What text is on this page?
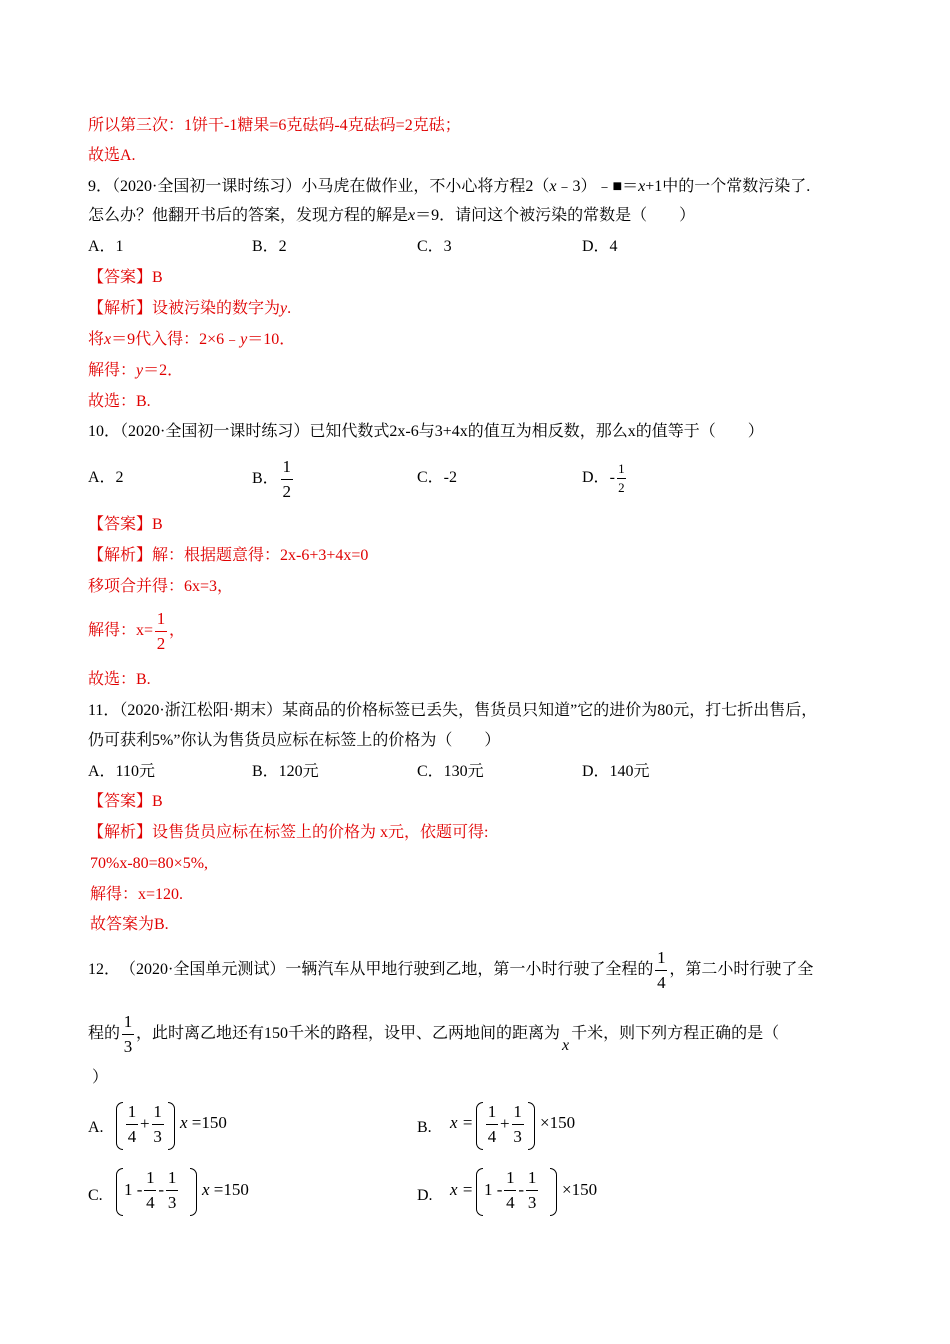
所以第三次：1饼干-1糖果=6克砝码-4克砝码=2克砝；
故选A.
9．（2020·全国初一课时练习）小马虎在做作业，不小心将方程2（x﹣3）﹣■＝x+1中的一个常数污染了.
怎么办？他翻开书后的答案，发现方程的解是x＝9．请问这个被污染的常数是（　　）
A．1	B．2	C．3	D．4
【答案】B
【解析】设被污染的数字为y.
将x＝9代入得：2×6﹣y＝10．
解得：y＝2．
故选：B.
10．（2020·全国初一课时练习）已知代数式2x-6与3+4x的值互为相反数，那么x的值等于（　　）
A．2	B． $\frac{1}{2}$	C．-2	D． - $\frac{1}{2}$
【答案】B
【解析】解：根据题意得：2x-6+3+4x=0
移项合并得：6x=3，
解得：$x= \frac{1}{2}$ ，
故选：B.
11．（2020·浙江松阳·期末）某商品的价格标签已丢失，售货员只知道”它的进价为80元，打七折出售后，
仍可获利5%”你认为售货员应标在标签上的价格为（　　）
A．110元	B．120元	C．130元	D．140元
【答案】B
【解析】设售货员应标在标签上的价格为 x元，依题可得:
70%x-80=80×5%,
解得：x=120.
故答案为B.
12． （2020·全国单元测试） 一辆汽车从甲地行驶到乙地，第一小时行驶了全程的 $\frac{1}{4}$ ，第二小时行驶了全
程的 $\frac{1}{3}$ ，此时离乙地还有150千米的路程，设甲、乙两地间的距离为
x
千米，则下列方程正确的是（
）
A. $\frac{1}{4} + \frac{1}{3}$ x =150	B. $x = \frac{1}{4} + \frac{1}{3} \times 150$
C. $1 - \frac{1}{4} - \frac{1}{3}$ x =150	D. $x = 1 - \frac{1}{4} - \frac{1}{3} \times 150$
